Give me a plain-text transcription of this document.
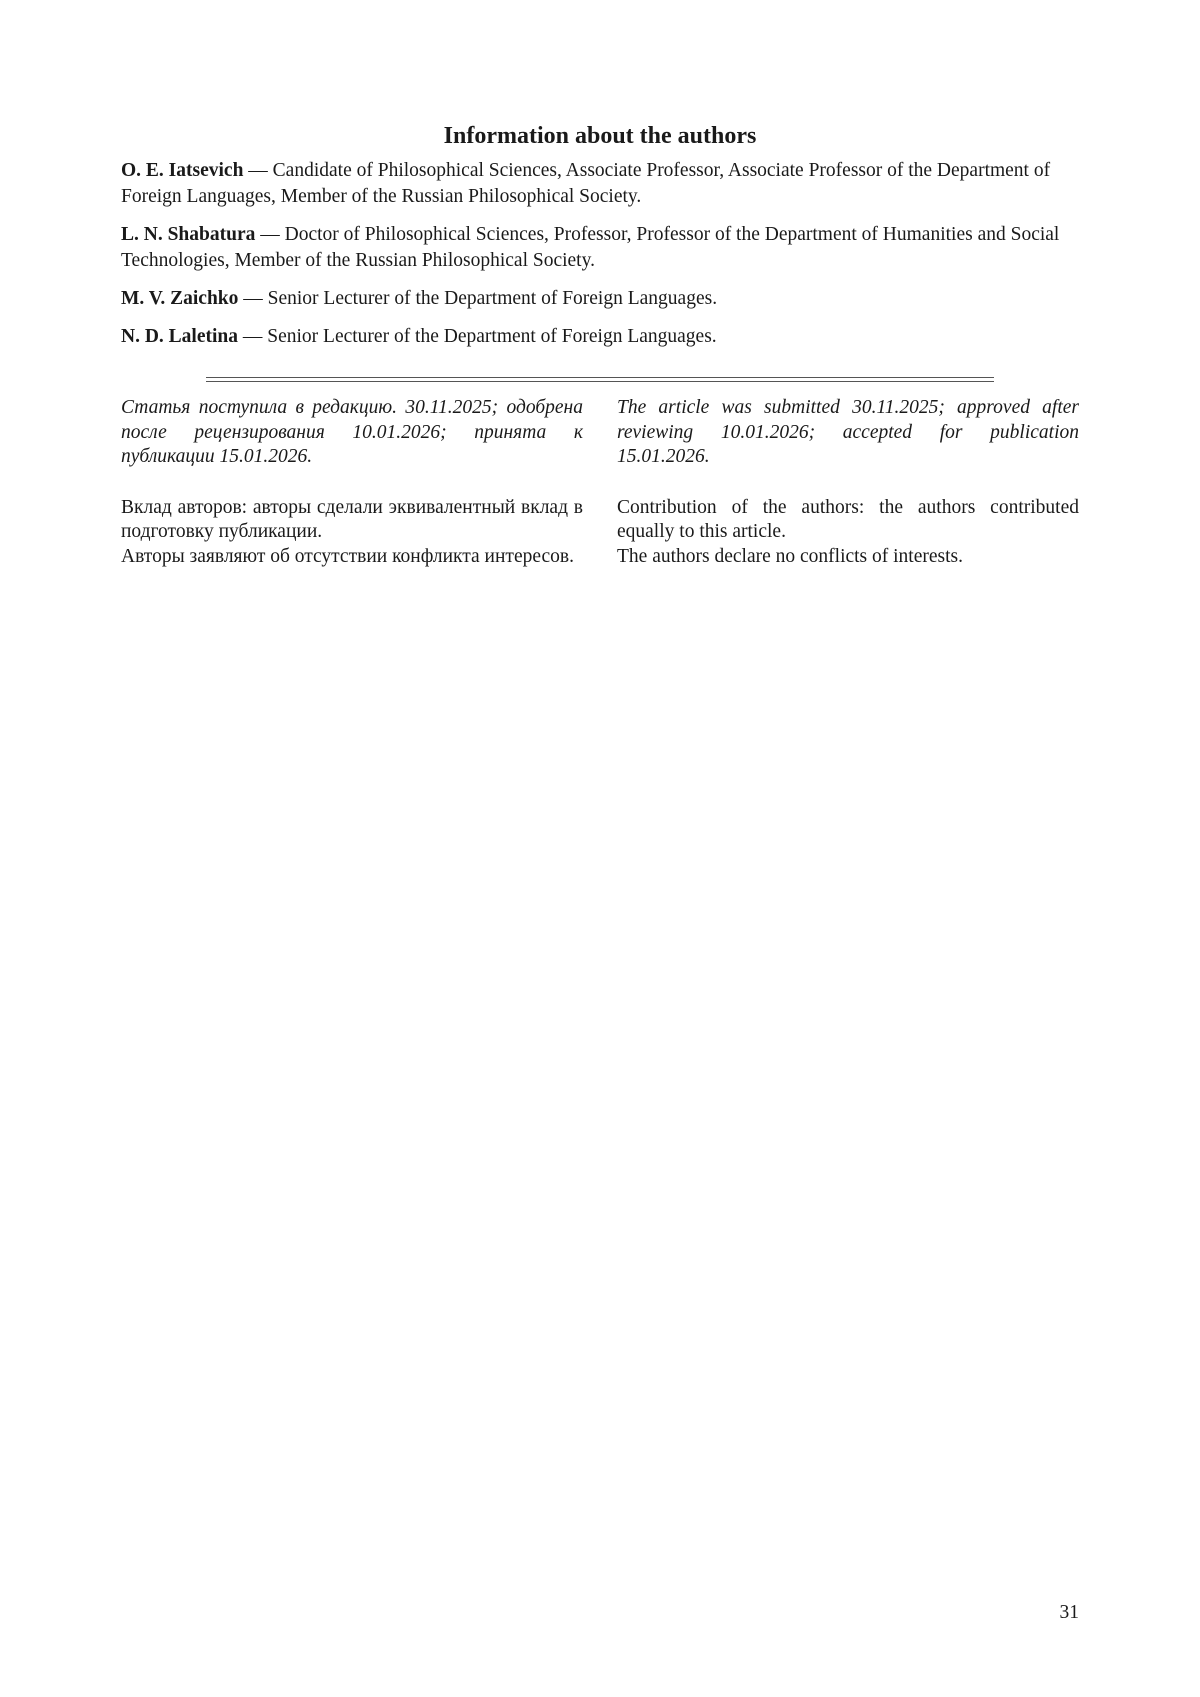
Information about the authors

O. E. Iatsevich — Candidate of Philosophical Sciences, Associate Professor, Associate Professor of the Department of Foreign Languages, Member of the Russian Philosophical Society.

L. N. Shabatura — Doctor of Philosophical Sciences, Professor, Professor of the Department of Humanities and Social Technologies, Member of the Russian Philosophical Society.

M. V. Zaichko — Senior Lecturer of the Department of Foreign Languages.

N. D. Laletina — Senior Lecturer of the Department of Foreign Languages.

Статья поступила в редакцию. 30.11.2025; одобрена после рецензирования 10.01.2026; принята к публикации 15.01.2026.

Вклад авторов: авторы сделали эквивалентный вклад в подготовку публикации.

Авторы заявляют об отсутствии конфликта интересов.

The article was submitted 30.11.2025; approved after reviewing 10.01.2026; accepted for publication 15.01.2026.

Contribution of the authors: the authors contributed equally to this article.

The authors declare no conflicts of interests.

31
